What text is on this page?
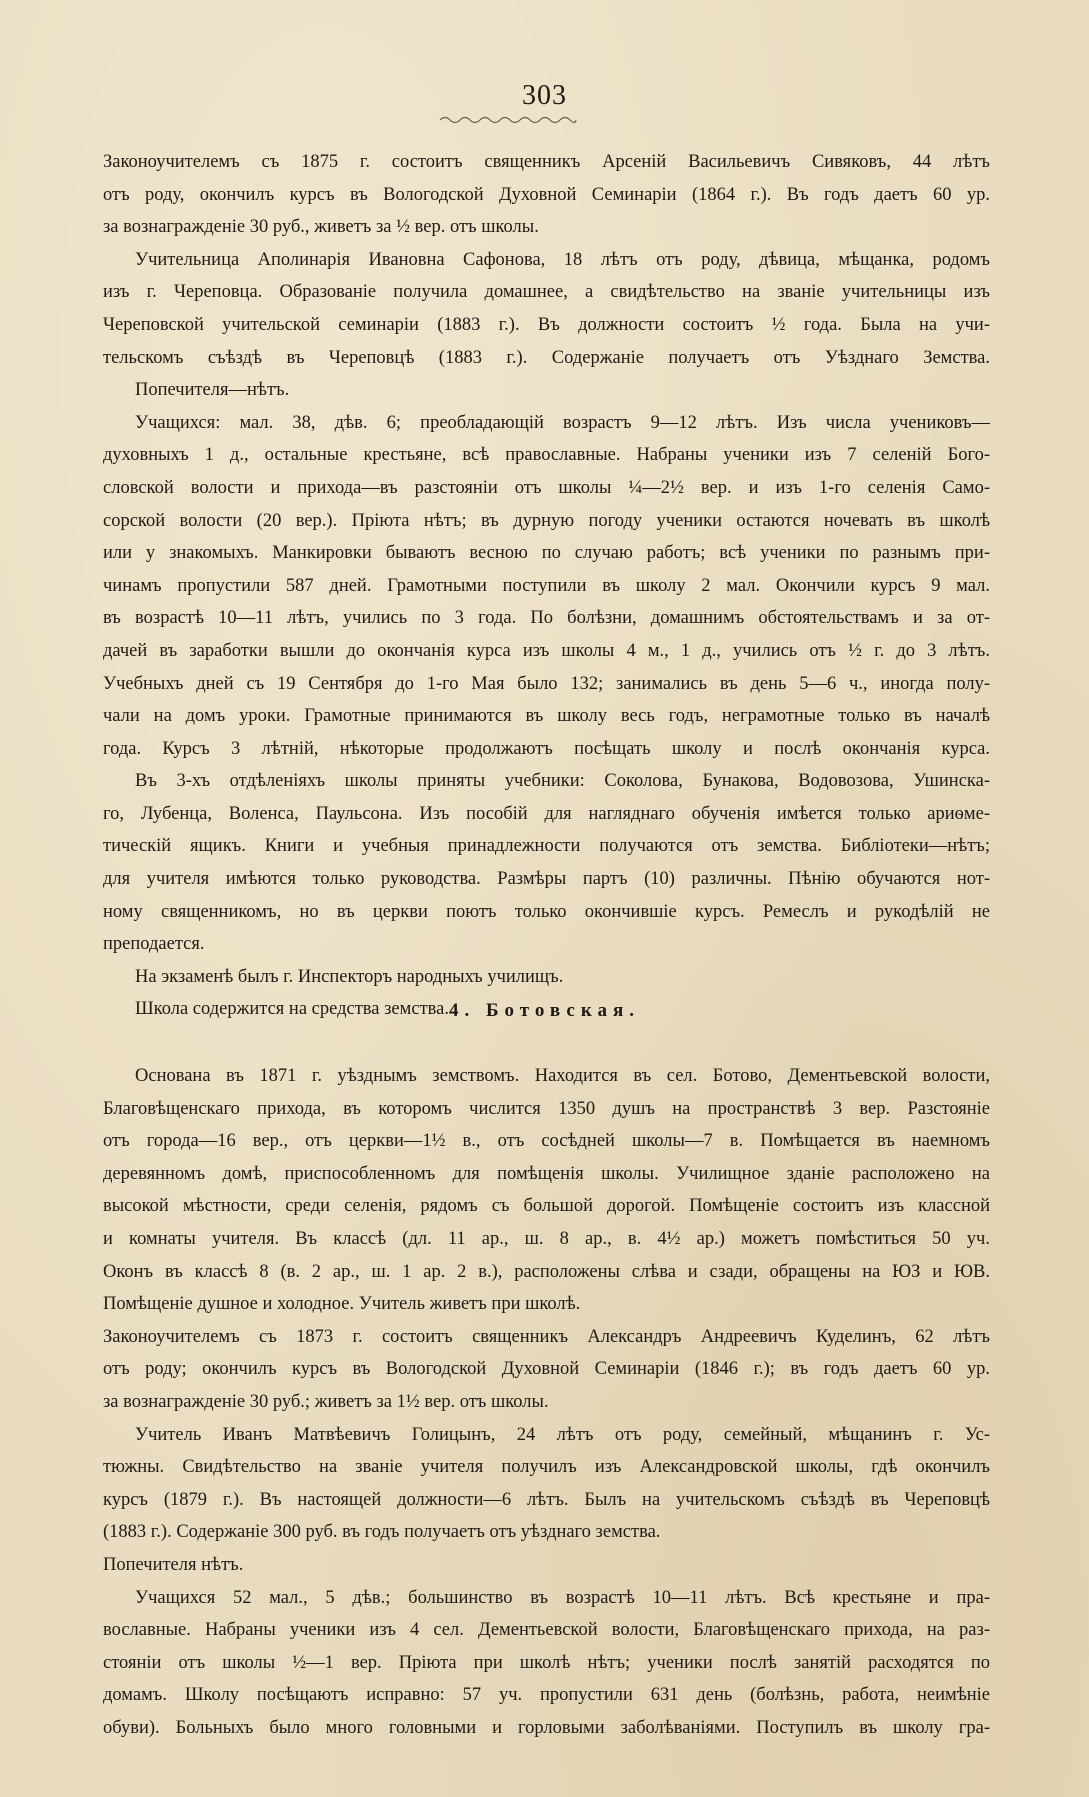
303
Законоучителемъ съ 1875 г. состоитъ священникъ Арсенiй Васильевичъ Сивяковъ, 44 лѣтъ
отъ роду, окончилъ курсъ въ Вологодской Духовной Семинарiи (1864 г.). Въ годъ даетъ 60 ур.
за вознагражденiе 30 руб., живетъ за ½ вер. отъ школы.
Учительница Аполинарiя Ивановна Сафонова, 18 лѣтъ отъ роду, дѣвица, мѣщанка, родомъ
изъ г. Череповца. Образованiе получила домашнее, а свидѣтельство на званiе учительницы изъ
Череповской учительской семинарiи (1883 г.). Въ должности состоитъ ½ года. Была на учи-
тельскомъ съѣздѣ въ Череповцѣ (1883 г.). Содержанiе получаетъ отъ Уѣзднаго Земства.
Попечителя—нѣтъ.
Учащихся: мал. 38, дѣв. 6; преобладающiй возрастъ 9—12 лѣтъ. Изъ числа учениковъ—
духовныхъ 1 д., остальные крестьяне, всѣ православные. Набраны ученики изъ 7 селенiй Бого-
словской волости и прихода—въ разстоянiи отъ школы ¼—2½ вер. и изъ 1-го селенiя Само-
сорской волости (20 вер.). Прiюта нѣтъ; въ дурную погоду ученики остаются ночевать въ школѣ
или у знакомыхъ. Манкировки бываютъ весною по случаю работъ; всѣ ученики по разнымъ при-
чинамъ пропустили 587 дней. Грамотными поступили въ школу 2 мал. Окончили курсъ 9 мал.
въ возрастѣ 10—11 лѣтъ, учились по 3 года. По болѣзни, домашнимъ обстоятельствамъ и за от-
дачей въ заработки вышли до окончанiя курса изъ школы 4 м., 1 д., учились отъ ½ г. до 3 лѣтъ.
Учебныхъ дней съ 19 Сентября до 1-го Мая было 132; занимались въ день 5—6 ч., иногда полу-
чали на домъ уроки. Грамотные принимаются въ школу весь годъ, неграмотные только въ началѣ
года. Курсъ 3 лѣтнiй, нѣкоторые продолжаютъ посѣщать школу и послѣ окончанiя курса.
Въ 3-хъ отдѣленiяхъ школы приняты учебники: Соколова, Бунакова, Водовозова, Ушинска-
го, Лубенца, Воленса, Паульсона. Изъ пособiй для нагляднаго обученiя имѣется только ариѳме-
тическiй ящикъ. Книги и учебныя принадлежности получаются отъ земства. Библiотеки—нѣтъ;
для учителя имѣются только руководства. Размѣры партъ (10) различны. Пѣнiю обучаются нот-
ному священникомъ, но въ церкви поютъ только окончившiе курсъ. Ремеслъ и рукодѣлiй не
преподается.
На экзаменѣ былъ г. Инспекторъ народныхъ училищъ.
Школа содержится на средства земства. 4. Ботовская.
Основана въ 1871 г. уѣзднымъ земствомъ. Находится въ сел. Ботово, Дементьевской волости,
Благовѣщенскаго прихода, въ которомъ числится 1350 душъ на пространствѣ 3 вер. Разстоянiе
отъ города—16 вер., отъ церкви—1½ в., отъ сосѣдней школы—7 в. Помѣщается въ наемномъ
деревянномъ домѣ, приспособленномъ для помѣщенiя школы. Училищное зданiе расположено на
высокой мѣстности, среди селенiя, рядомъ съ большой дорогой. Помѣщенiе состоитъ изъ классной
и комнаты учителя. Въ классѣ (дл. 11 ар., ш. 8 ар., в. 4½ ар.) можетъ помѣститься 50 уч.
Оконъ въ классѣ 8 (в. 2 ар., ш. 1 ар. 2 в.), расположены слѣва и сзади, обращены на ЮЗ и ЮВ.
Помѣщенiе душное и холодное. Учитель живетъ при школѣ.
Законоучителемъ съ 1873 г. состоитъ священникъ Александръ Андреевичъ Куделинъ, 62 лѣтъ
отъ роду; окончилъ курсъ въ Вологодской Духовной Семинарiи (1846 г.); въ годъ даетъ 60 ур.
за вознагражденiе 30 руб.; живетъ за 1½ вер. отъ школы.
Учитель Иванъ Матвѣевичъ Голицынъ, 24 лѣтъ отъ роду, семейный, мѣщанинъ г. Ус-
тюжны. Свидѣтельство на званiе учителя получилъ изъ Александровской школы, гдѣ окончилъ
курсъ (1879 г.). Въ настоящей должности—6 лѣтъ. Былъ на учительскомъ съѣздѣ въ Череповцѣ
(1883 г.). Содержанiе 300 руб. въ годъ получаетъ отъ уѣзднаго земства.
Попечителя нѣтъ.
Учащихся 52 мал., 5 дѣв.; большинство въ возрастѣ 10—11 лѣтъ. Всѣ крестьяне и пра-
вославные. Набраны ученики изъ 4 сел. Дементьевской волости, Благовѣщенскаго прихода, на раз-
стоянiи отъ школы ½—1 вер. Прiюта при школѣ нѣтъ; ученики послѣ занятiй расходятся по
домамъ. Школу посѣщаютъ исправно: 57 уч. пропустили 631 день (болѣзнь, работа, неимѣнiе
обуви). Больныхъ было много головными и горловыми заболѣванiями. Поступилъ въ школу гра-
